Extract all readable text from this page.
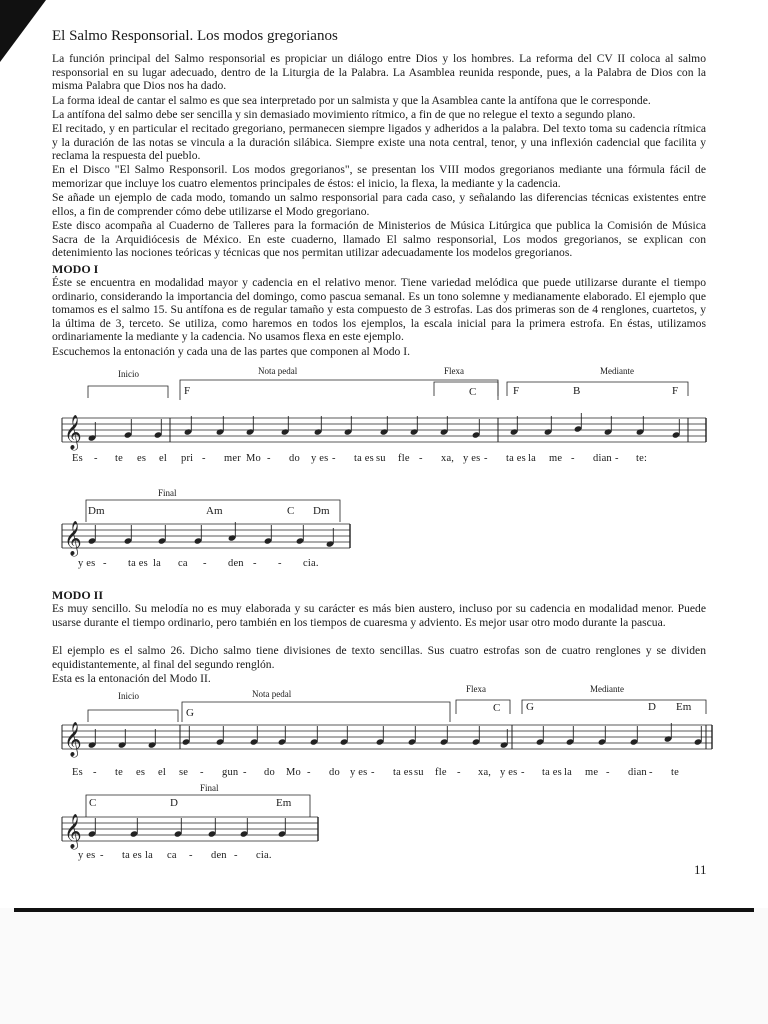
El Salmo Responsorial. Los modos gregorianos
La función principal del Salmo responsorial es propiciar un diálogo entre Dios y los hombres. La reforma del CV II coloca al salmo responsorial en su lugar adecuado, dentro de la Liturgia de la Palabra. La Asamblea reunida responde, pues, a la Palabra de Dios con la misma Palabra que Dios nos ha dado.
La forma ideal de cantar el salmo es que sea interpretado por un salmista y que la Asamblea cante la antífona que le corresponde.
La antífona del salmo debe ser sencilla y sin demasiado movimiento rítmico, a fin de que no relegue el texto a segundo plano.
El recitado, y en particular el recitado gregoriano, permanecen siempre ligados y adheridos a la palabra. Del texto toma su cadencia rítmica y la duración de las notas se vincula a la duración silábica. Siempre existe una nota central, tenor, y una inflexión cadencial que facilita y reclama la respuesta del pueblo.
En el Disco "El Salmo Responsoril. Los modos gregorianos", se presentan los VIII modos gregorianos mediante una fórmula fácil de memorizar que incluye los cuatro elementos principales de éstos: el inicio, la flexa, la mediante y la cadencia.
Se añade un ejemplo de cada modo, tomando un salmo responsorial para cada caso, y señalando las diferencias técnicas existentes entre ellos, a fin de comprender cómo debe utilizarse el Modo gregoriano.
Este disco acompaña al Cuaderno de Talleres para la formación de Ministerios de Música Litúrgica que publica la Comisión de Música Sacra de la Arquidiócesis de México. En este cuaderno, llamado El salmo responsorial, Los modos gregorianos, se explican con detenimiento las nociones teóricas y técnicas que nos permitan utilizar adecuadamente los modelos gregorianos.
MODO I
Éste se encuentra en modalidad mayor y cadencia en el relativo menor. Tiene variedad melódica que puede utilizarse durante el tiempo ordinario, considerando la importancia del domingo, como pascua semanal. Es un tono solemne y medianamente elaborado. El ejemplo que tomamos es el salmo 15. Su antífona es de regular tamaño y esta compuesto de 3 estrofas. Las dos primeras son de 4 renglones, cuartetos, y la última de 3, terceto. Se utiliza, como haremos en todos los ejemplos, la escala inicial para la primera estrofa. En éstas, utilizamos ordinariamente la mediante y la cadencia. No usamos flexa en este ejemplo.
Escuchemos la entonación y cada una de las partes que componen al Modo I.
Inicio	Nota pedal	Flexa	Mediante
F	C	F	B	F
Es - te es el pri - mer Mo - do y es - ta es su fle - xa, y es - ta es la me - dian - te:
Final
Dm	Am	C Dm
y es - ta es la ca - den - - cia.
MODO II
Es muy sencillo. Su melodía no es muy elaborada y su carácter es más bien austero, incluso por su cadencia en modalidad menor. Puede usarse durante el tiempo ordinario, pero también en los tiempos de cuaresma y adviento. Es mejor usar otro modo durante la pascua.
El ejemplo es el salmo 26. Dicho salmo tiene divisiones de texto sencillas. Sus cuatro estrofas son de cuatro renglones y se dividen equidistantemente, al final del segundo renglón.
Esta es la entonación del Modo II.
Inicio	Nota pedal	Flexa	Mediante
G	C G	D Em
Es - te es el se - gun - do Mo - do y es - ta es su fle - xa, y es - ta es la me - dian - te
Final
C	D	Em
y es - ta es la ca - den - cia.
11
𝄞
𝄞
𝄞
𝄞
